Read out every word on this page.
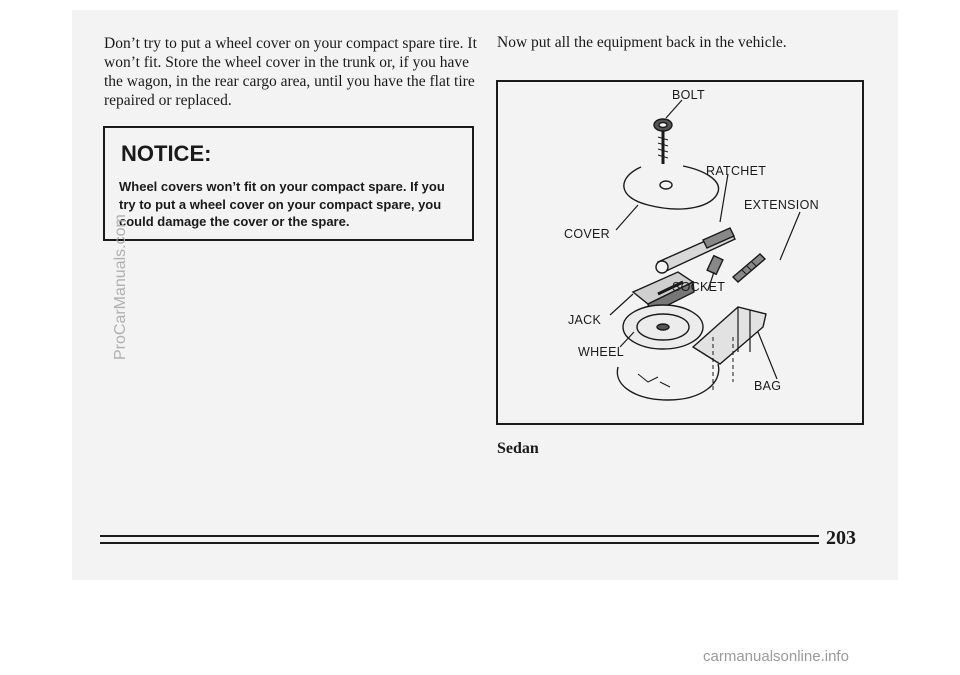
Don’t try to put a wheel cover on your compact spare tire. It won’t fit. Store the wheel cover in the trunk or, if you have the wagon, in the rear cargo area, until you have the flat tire repaired or replaced.

NOTICE:

Wheel covers won’t fit on your compact spare. If you try to put a wheel cover on your compact spare, you could damage the cover or the spare.

Now put all the equipment back in the vehicle.

BOLT
RATCHET
EXTENSION
COVER
SOCKET
JACK
WHEEL
BAG
Sedan
203
ProCarManuals.com
carmanualsonline.info
